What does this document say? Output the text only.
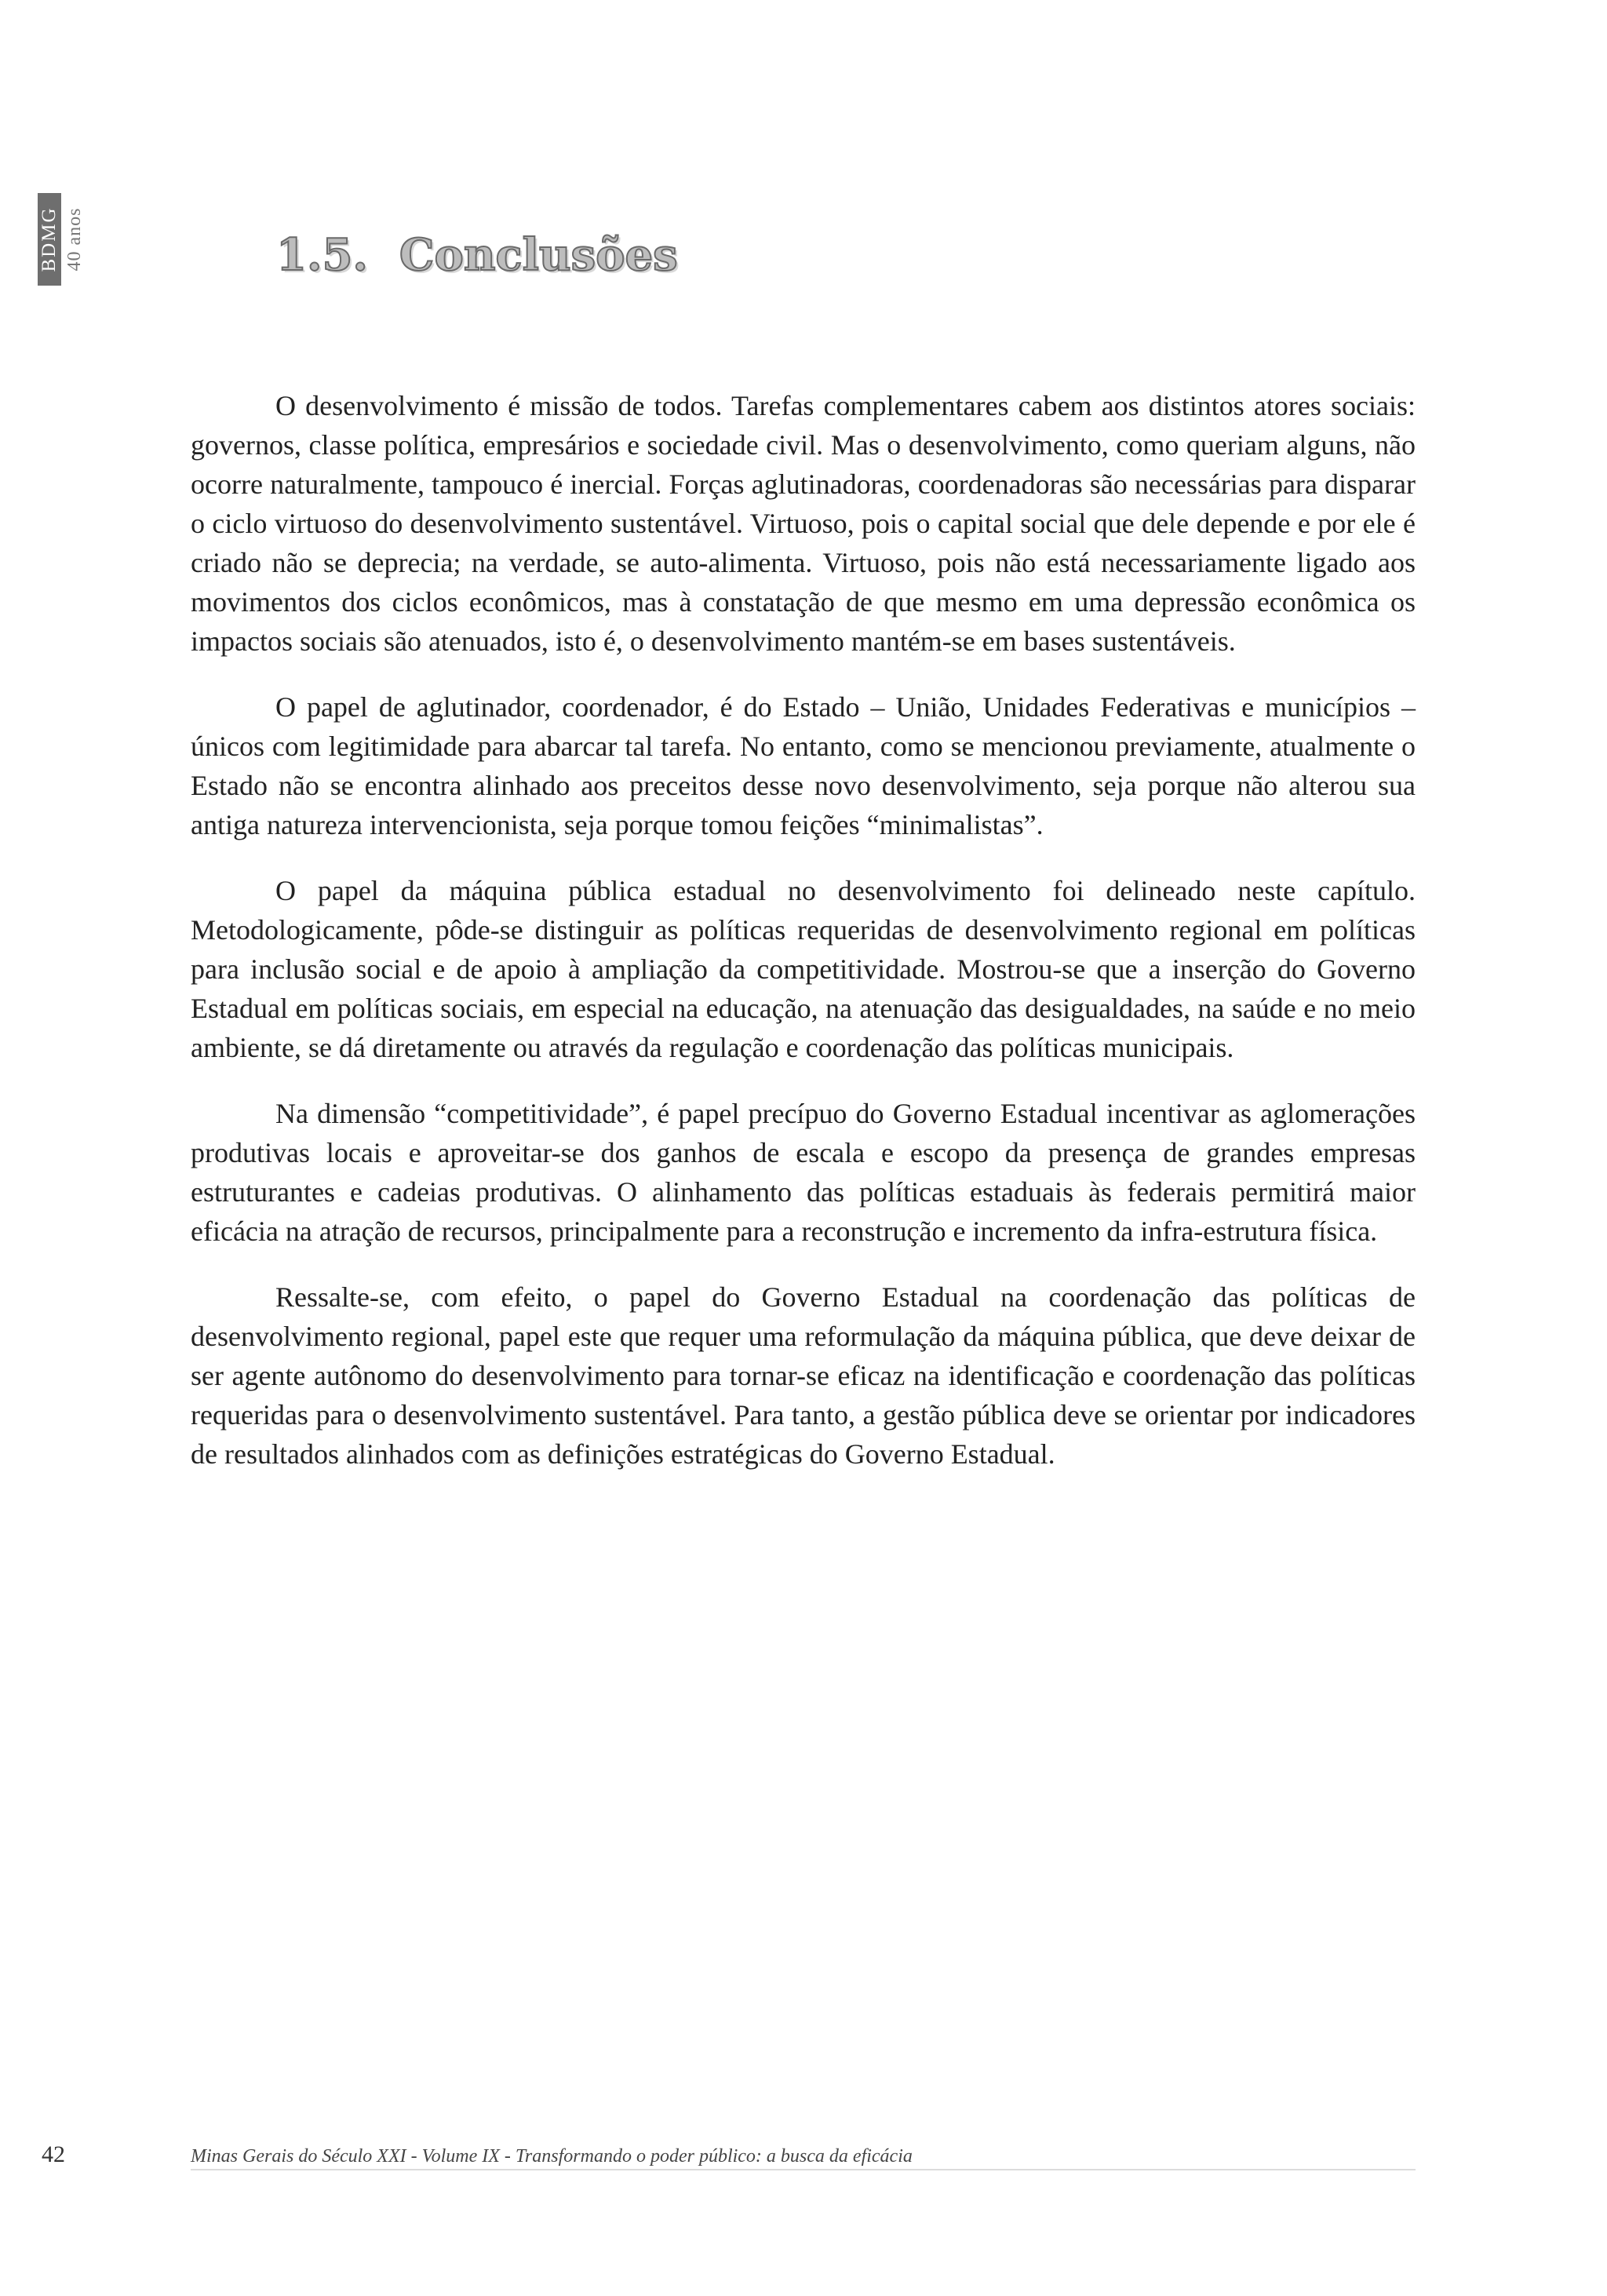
BDMG 40 anos	1.5. Conclusões

O desenvolvimento é missão de todos. Tarefas complementares cabem aos distintos atores sociais: governos, classe política, empresários e sociedade civil. Mas o desenvolvimento, como queriam alguns, não ocorre naturalmente, tampouco é inercial. Forças aglutinadoras, coordenadoras são necessárias para disparar o ciclo virtuoso do desenvolvimento sustentável. Virtuoso, pois o capital social que dele depende e por ele é criado não se deprecia; na verdade, se auto-alimenta. Virtuoso, pois não está necessariamente ligado aos movimentos dos ciclos econômicos, mas à constatação de que mesmo em uma depressão econômica os impactos sociais são atenuados, isto é, o desenvolvimento mantém-se em bases sustentáveis.

O papel de aglutinador, coordenador, é do Estado – União, Unidades Federativas e municípios – únicos com legitimidade para abarcar tal tarefa. No entanto, como se mencionou previamente, atualmente o Estado não se encontra alinhado aos preceitos desse novo desenvolvimento, seja porque não alterou sua antiga natureza intervencionista, seja porque tomou feições “minimalistas”.

O papel da máquina pública estadual no desenvolvimento foi delineado neste capítulo. Metodologicamente, pôde-se distinguir as políticas requeridas de desenvolvimento regional em políticas para inclusão social e de apoio à ampliação da competitividade. Mostrou-se que a inserção do Governo Estadual em políticas sociais, em especial na educação, na atenuação das desigualdades, na saúde e no meio ambiente, se dá diretamente ou através da regulação e coordenação das políticas municipais.

Na dimensão “competitividade”, é papel precípuo do Governo Estadual incentivar as aglomerações produtivas locais e aproveitar-se dos ganhos de escala e escopo da presença de grandes empresas estruturantes e cadeias produtivas. O alinhamento das políticas estaduais às federais permitirá maior eficácia na atração de recursos, principalmente para a reconstrução e incremento da infra-estrutura física.

Ressalte-se, com efeito, o papel do Governo Estadual na coordenação das políticas de desenvolvimento regional, papel este que requer uma reformulação da máquina pública, que deve deixar de ser agente autônomo do desenvolvimento para tornar-se eficaz na identificação e coordenação das políticas requeridas para o desenvolvimento sustentável. Para tanto, a gestão pública deve se orientar por indicadores de resultados alinhados com as definições estratégicas do Governo Estadual.

42	Minas Gerais do Século XXI - Volume IX - Transformando o poder público: a busca da eficácia
